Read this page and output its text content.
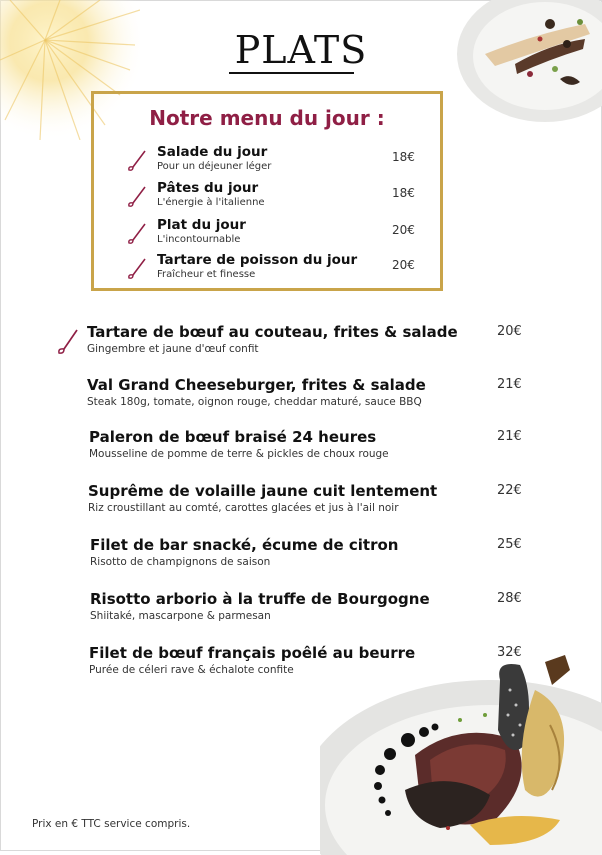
PLATS
Notre menu du jour :
Salade du jour
Pour un déjeuner léger
18€
Pâtes du jour
L'énergie à l'italienne
18€
Plat du jour
L'incontournable
20€
Tartare de poisson du jour
Fraîcheur et finesse
20€
Tartare de bœuf au couteau, frites & salade
Gingembre et jaune d'œuf confit
20€
Val Grand Cheeseburger, frites & salade
Steak 180g, tomate, oignon rouge, cheddar maturé, sauce BBQ
21€
Paleron de bœuf braisé 24 heures
Mousseline de pomme de terre & pickles de choux rouge
21€
Suprême de volaille jaune cuit lentement
Riz croustillant au comté, carottes glacées et jus à l'ail noir
22€
Filet de bar snacké, écume de citron
Risotto de champignons de saison
25€
Risotto arborio à la truffe de Bourgogne
Shiitaké, mascarpone & parmesan
28€
Filet de bœuf français poêlé au beurre
Purée de céleri rave & échalote confite
32€
Prix en € TTC service compris.
